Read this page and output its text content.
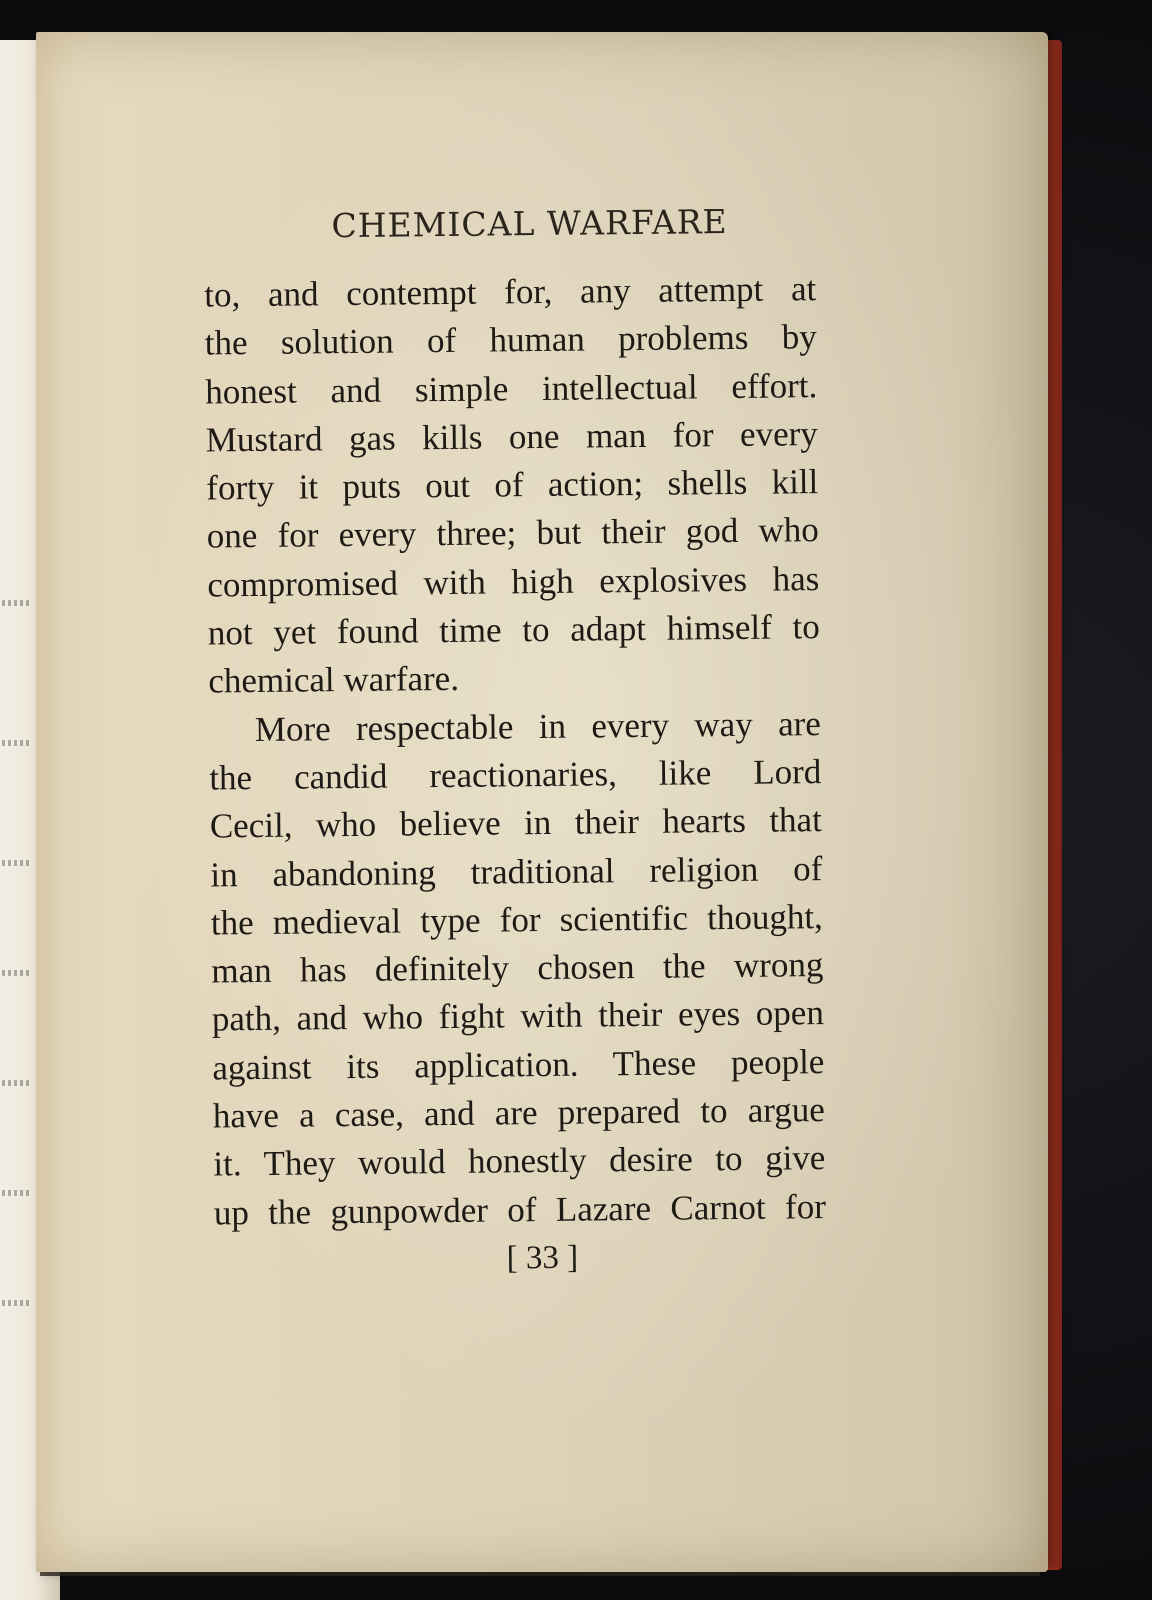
CHEMICAL WARFARE
to, and contempt for, any attempt at
the solution of human problems by
honest and simple intellectual effort.
Mustard gas kills one man for every
forty it puts out of action; shells kill
one for every three; but their god who
compromised with high explosives has
not yet found time to adapt himself to
chemical warfare.
More respectable in every way are
the candid reactionaries, like Lord
Cecil, who believe in their hearts that
in abandoning traditional religion of
the medieval type for scientific thought,
man has definitely chosen the wrong
path, and who fight with their eyes open
against its application. These people
have a case, and are prepared to argue
it. They would honestly desire to give
up the gunpowder of Lazare Carnot for
[ 33 ]
